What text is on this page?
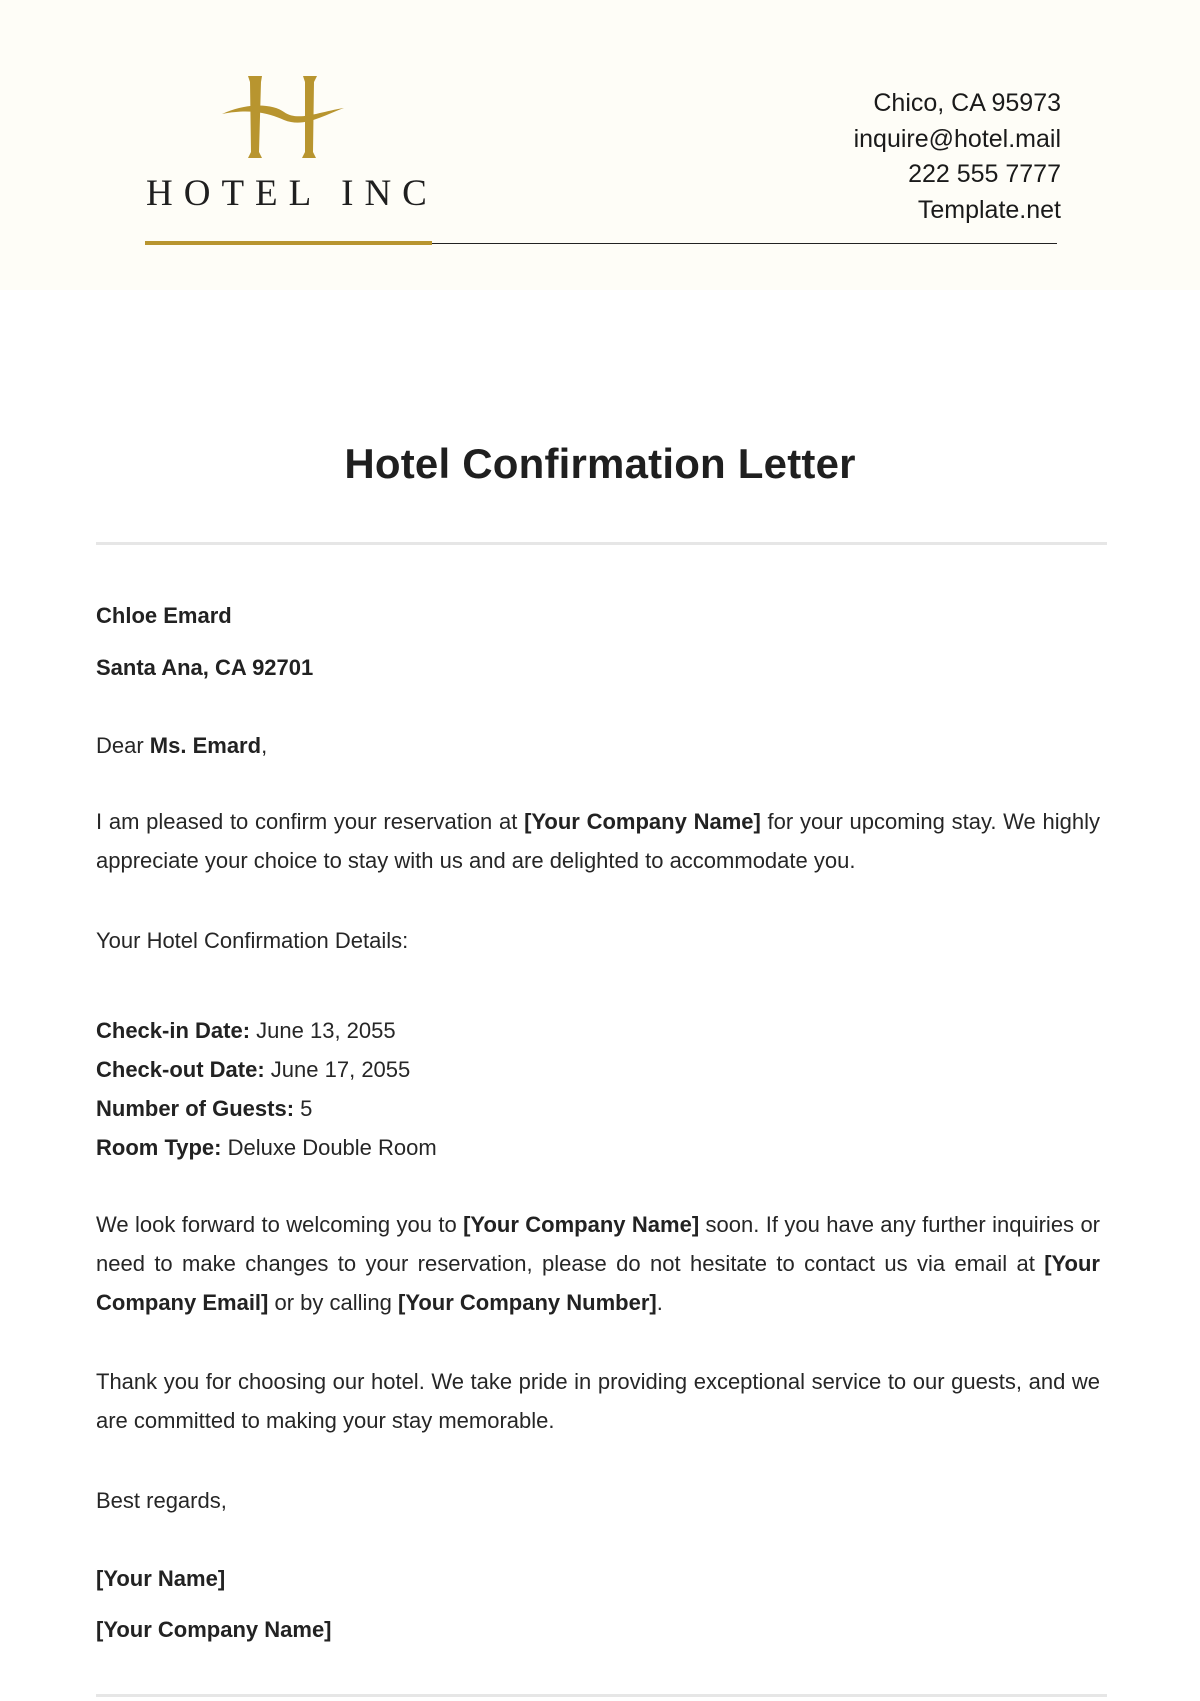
HOTEL INC
Chico, CA 95973
inquire@hotel.mail
222 555 7777
Template.net
Hotel Confirmation Letter
Chloe Emard
Santa Ana, CA 92701
Dear Ms. Emard,
I am pleased to confirm your reservation at [Your Company Name] for your upcoming stay. We highly appreciate your choice to stay with us and are delighted to accommodate you.
Your Hotel Confirmation Details:
Check-in Date: June 13, 2055
Check-out Date: June 17, 2055
Number of Guests: 5
Room Type: Deluxe Double Room
We look forward to welcoming you to [Your Company Name] soon. If you have any further inquiries or need to make changes to your reservation, please do not hesitate to contact us via email at [Your Company Email] or by calling [Your Company Number].
Thank you for choosing our hotel. We take pride in providing exceptional service to our guests, and we are committed to making your stay memorable.
Best regards,
[Your Name]
[Your Company Name]
